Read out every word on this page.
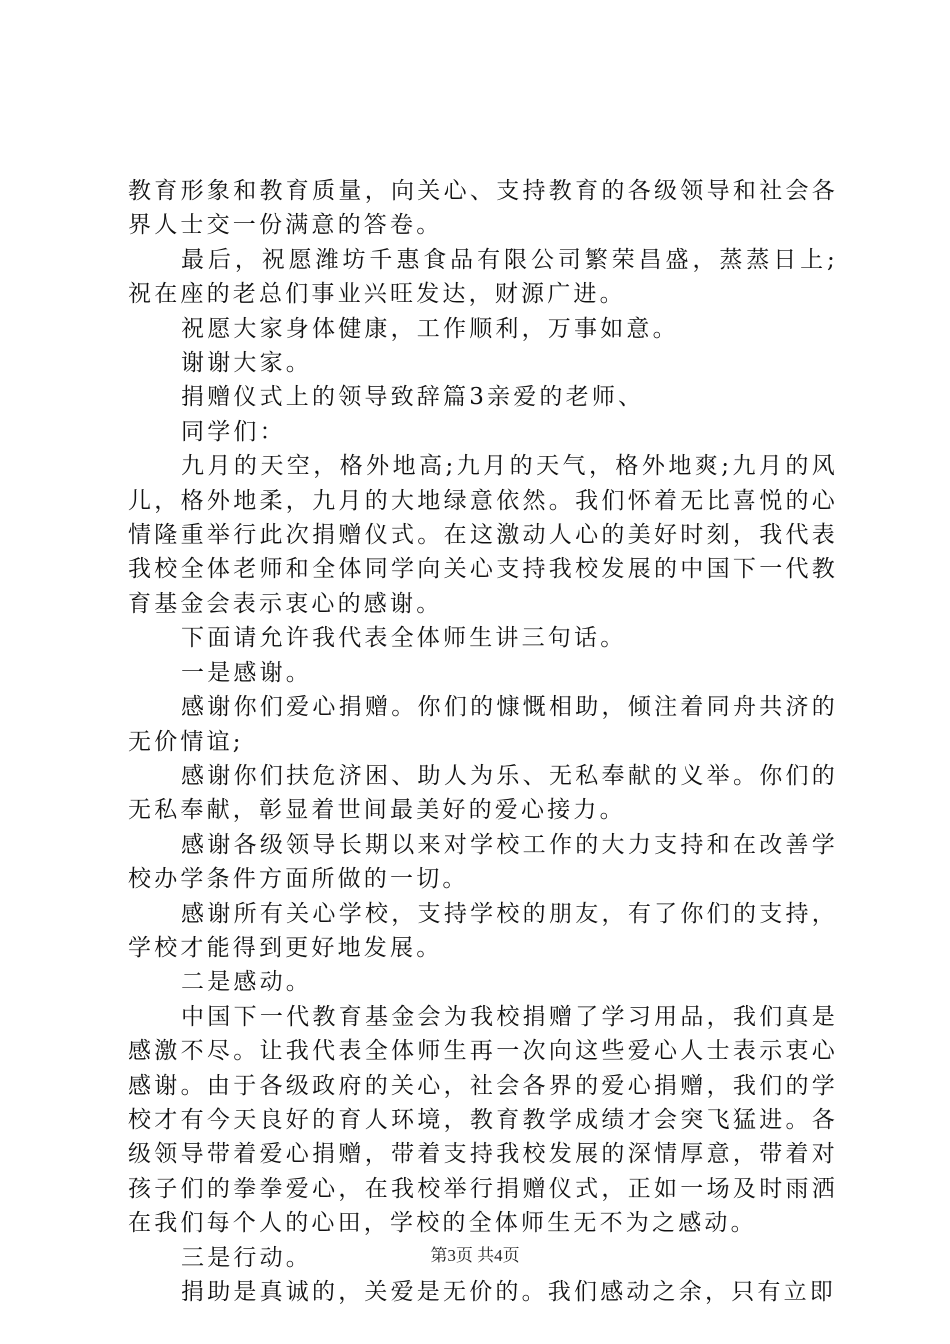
教育形象和教育质量，向关心、支持教育的各级领导和社会各界人士交一份满意的答卷。

最后，祝愿潍坊千惠食品有限公司繁荣昌盛，蒸蒸日上;祝在座的老总们事业兴旺发达，财源广进。

祝愿大家身体健康，工作顺利，万事如意。

谢谢大家。

捐赠仪式上的领导致辞篇3亲爱的老师、

同学们：

九月的天空，格外地高;九月的天气，格外地爽;九月的风儿，格外地柔，九月的大地绿意依然。我们怀着无比喜悦的心情隆重举行此次捐赠仪式。在这激动人心的美好时刻，我代表我校全体老师和全体同学向关心支持我校发展的中国下一代教育基金会表示衷心的感谢。

下面请允许我代表全体师生讲三句话。

一是感谢。

感谢你们爱心捐赠。你们的慷慨相助，倾注着同舟共济的无价情谊;

感谢你们扶危济困、助人为乐、无私奉献的义举。你们的无私奉献，彰显着世间最美好的爱心接力。

感谢各级领导长期以来对学校工作的大力支持和在改善学校办学条件方面所做的一切。

感谢所有关心学校，支持学校的朋友，有了你们的支持，学校才能得到更好地发展。

二是感动。

中国下一代教育基金会为我校捐赠了学习用品，我们真是感激不尽。让我代表全体师生再一次向这些爱心人士表示衷心感谢。由于各级政府的关心，社会各界的爱心捐赠，我们的学校才有今天良好的育人环境，教育教学成绩才会突飞猛进。各级领导带着爱心捐赠，带着支持我校发展的深情厚意，带着对孩子们的拳拳爱心，在我校举行捐赠仪式，正如一场及时雨洒在我们每个人的心田，学校的全体师生无不为之感动。

三是行动。

捐助是真诚的，关爱是无价的。我们感动之余，只有立即

第3页 共4页
